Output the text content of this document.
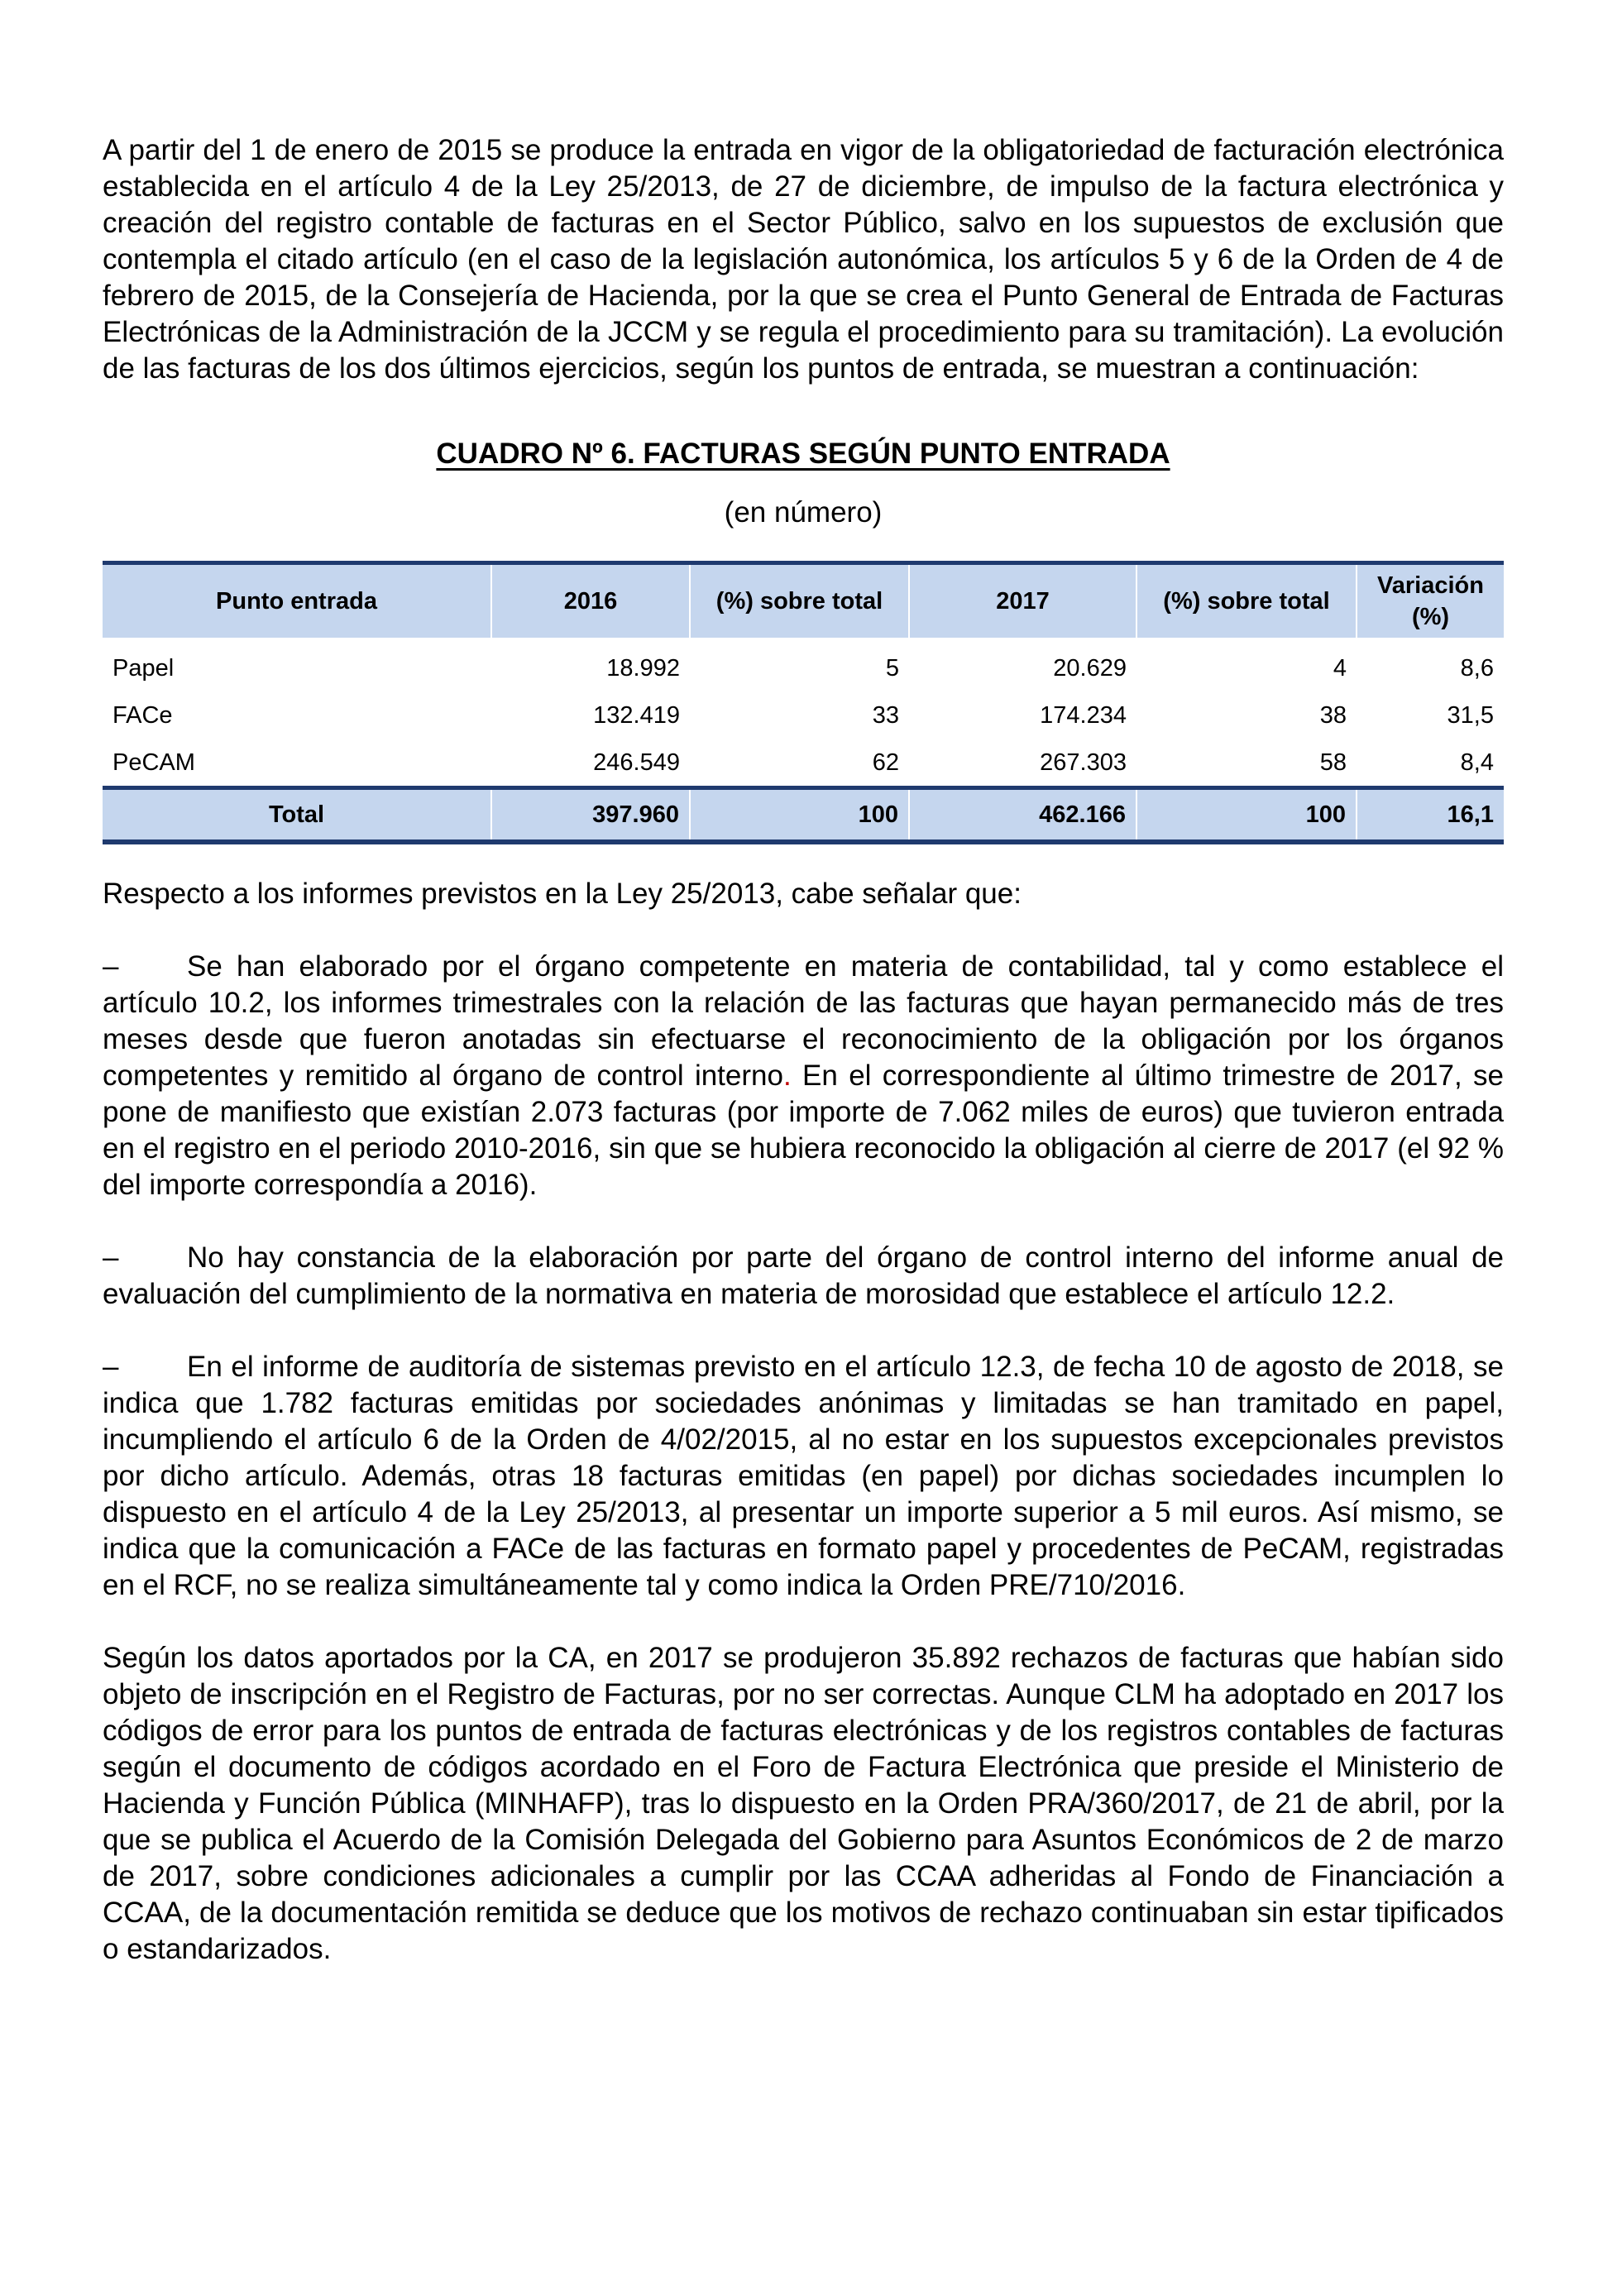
A partir del 1 de enero de 2015 se produce la entrada en vigor de la obligatoriedad de facturación electrónica establecida en el artículo 4 de la Ley 25/2013, de 27 de diciembre, de impulso de la factura electrónica y creación del registro contable de facturas en el Sector Público, salvo en los supuestos de exclusión que contempla el citado artículo (en el caso de la legislación autonómica, los artículos 5 y 6 de la Orden de 4 de febrero de 2015, de la Consejería de Hacienda, por la que se crea el Punto General de Entrada de Facturas Electrónicas de la Administración de la JCCM y se regula el procedimiento para su tramitación). La evolución de las facturas de los dos últimos ejercicios, según los puntos de entrada, se muestran a continuación:

CUADRO Nº 6. FACTURAS SEGÚN PUNTO ENTRADA
(en número)
Punto entrada	2016	(%) sobre total	2017	(%) sobre total	Variación (%)
Papel	18.992	5	20.629	4	8,6
FACe	132.419	33	174.234	38	31,5
PeCAM	246.549	62	267.303	58	8,4
Total	397.960	100	462.166	100	16,1

Respecto a los informes previstos en la Ley 25/2013, cabe señalar que:

– Se han elaborado por el órgano competente en materia de contabilidad, tal y como establece el artículo 10.2, los informes trimestrales con la relación de las facturas que hayan permanecido más de tres meses desde que fueron anotadas sin efectuarse el reconocimiento de la obligación por los órganos competentes y remitido al órgano de control interno. En el correspondiente al último trimestre de 2017, se pone de manifiesto que existían 2.073 facturas (por importe de 7.062 miles de euros) que tuvieron entrada en el registro en el periodo 2010-2016, sin que se hubiera reconocido la obligación al cierre de 2017 (el 92 % del importe correspondía a 2016).

– No hay constancia de la elaboración por parte del órgano de control interno del informe anual de evaluación del cumplimiento de la normativa en materia de morosidad que establece el artículo 12.2.

– En el informe de auditoría de sistemas previsto en el artículo 12.3, de fecha 10 de agosto de 2018, se indica que 1.782 facturas emitidas por sociedades anónimas y limitadas se han tramitado en papel, incumpliendo el artículo 6 de la Orden de 4/02/2015, al no estar en los supuestos excepcionales previstos por dicho artículo. Además, otras 18 facturas emitidas (en papel) por dichas sociedades incumplen lo dispuesto en el artículo 4 de la Ley 25/2013, al presentar un importe superior a 5 mil euros. Así mismo, se indica que la comunicación a FACe de las facturas en formato papel y procedentes de PeCAM, registradas en el RCF, no se realiza simultáneamente tal y como indica la Orden PRE/710/2016.

Según los datos aportados por la CA, en 2017 se produjeron 35.892 rechazos de facturas que habían sido objeto de inscripción en el Registro de Facturas, por no ser correctas. Aunque CLM ha adoptado en 2017 los códigos de error para los puntos de entrada de facturas electrónicas y de los registros contables de facturas según el documento de códigos acordado en el Foro de Factura Electrónica que preside el Ministerio de Hacienda y Función Pública (MINHAFP), tras lo dispuesto en la Orden PRA/360/2017, de 21 de abril, por la que se publica el Acuerdo de la Comisión Delegada del Gobierno para Asuntos Económicos de 2 de marzo de 2017, sobre condiciones adicionales a cumplir por las CCAA adheridas al Fondo de Financiación a CCAA, de la documentación remitida se deduce que los motivos de rechazo continuaban sin estar tipificados o estandarizados.
